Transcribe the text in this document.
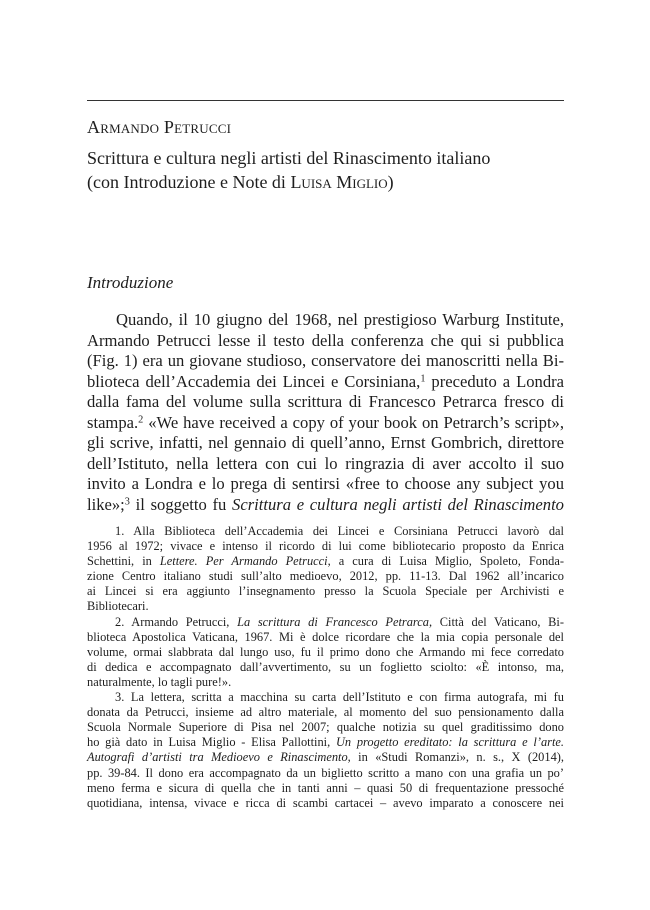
Armando Petrucci
Scrittura e cultura negli artisti del Rinascimento italiano
(con Introduzione e Note di Luisa Miglio)
Introduzione
Quando, il 10 giugno del 1968, nel prestigioso Warburg Institute,
Armando Petrucci lesse il testo della conferenza che qui si pubblica
(Fig. 1) era un giovane studioso, conservatore dei manoscritti nella Bi-
blioteca dell’Accademia dei Lincei e Corsiniana,$^1$ preceduto a Londra
dalla fama del volume sulla scrittura di Francesco Petrarca fresco di
stampa.$^2$ «We have received a copy of your book on Petrarch’s script»,
gli scrive, infatti, nel gennaio di quell’anno, Ernst Gombrich, direttore
dell’Istituto, nella lettera con cui lo ringrazia di aver accolto il suo
invito a Londra e lo prega di sentirsi «free to choose any subject you
like»;$^3$ il soggetto fu Scrittura e cultura negli artisti del Rinascimento
1. Alla Biblioteca dell’Accademia dei Lincei e Corsiniana Petrucci lavorò dal
1956 al 1972; vivace e intenso il ricordo di lui come bibliotecario proposto da Enrica
Schettini, in Lettere. Per Armando Petrucci, a cura di Luisa Miglio, Spoleto, Fonda-
zione Centro italiano studi sull’alto medioevo, 2012, pp. 11-13. Dal 1962 all’incarico
ai Lincei si era aggiunto l’insegnamento presso la Scuola Speciale per Archivisti e
Bibliotecari.
2. Armando Petrucci, La scrittura di Francesco Petrarca, Città del Vaticano, Bi-
blioteca Apostolica Vaticana, 1967. Mi è dolce ricordare che la mia copia personale del
volume, ormai slabbrata dal lungo uso, fu il primo dono che Armando mi fece corredato
di dedica e accompagnato dall’avvertimento, su un foglietto sciolto: «È intonso, ma,
naturalmente, lo tagli pure!».
3. La lettera, scritta a macchina su carta dell’Istituto e con firma autografa, mi fu
donata da Petrucci, insieme ad altro materiale, al momento del suo pensionamento dalla
Scuola Normale Superiore di Pisa nel 2007; qualche notizia su quel graditissimo dono
ho già dato in Luisa Miglio - Elisa Pallottini, Un progetto ereditato: la scrittura e l’arte.
Autografi d’artisti tra Medioevo e Rinascimento, in «Studi Romanzi», n. s., X (2014),
pp. 39-84. Il dono era accompagnato da un biglietto scritto a mano con una grafia un po’
meno ferma e sicura di quella che in tanti anni – quasi 50 di frequentazione pressoché
quotidiana, intensa, vivace e ricca di scambi cartacei – avevo imparato a conoscere nei
